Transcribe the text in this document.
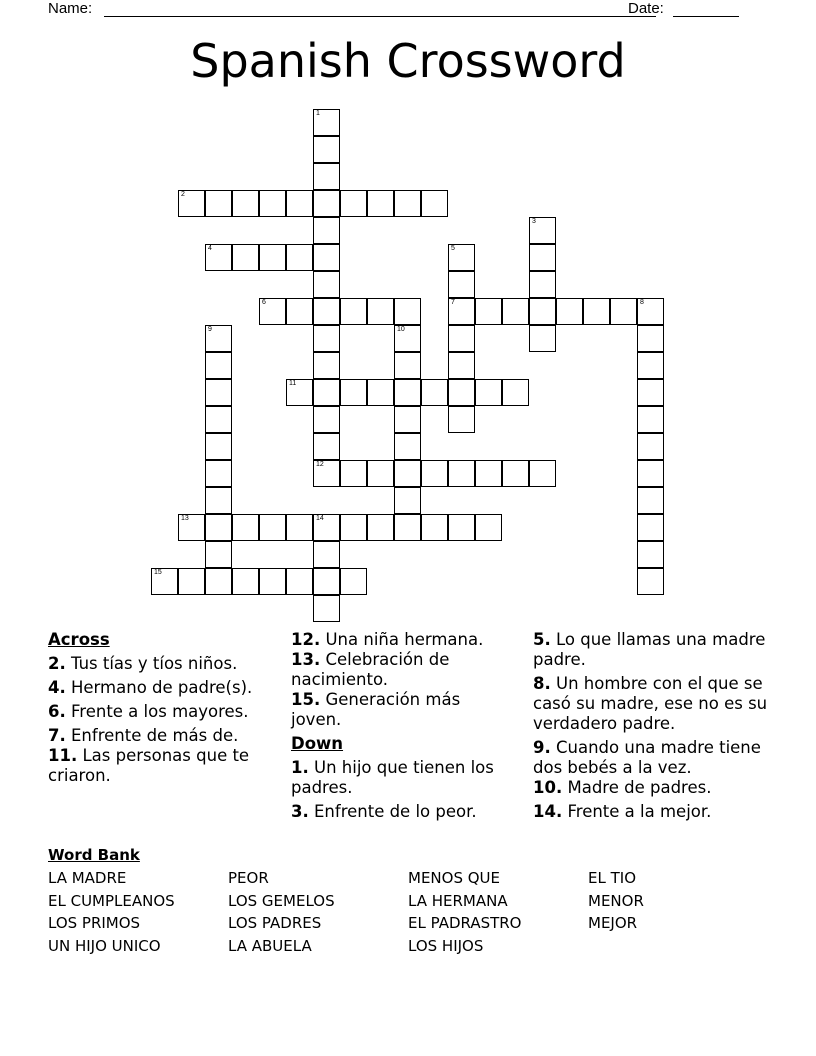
Name:	Date:
Spanish Crossword
1
2
3
4	5
7
6	8
9	10
11
12
13	14
15
Across
2. Tus tías y tíos niños.
4. Hermano de padre(s).
6. Frente a los mayores.
7. Enfrente de más de.
11. Las personas que te criaron.
12. Una niña hermana.
13. Celebración de nacimiento.
15. Generación más joven.
Down
1. Un hijo que tienen los padres.
3. Enfrente de lo peor.
5. Lo que llamas una madre padre.
8. Un hombre con el que se casó su madre, ese no es su verdadero padre.
9. Cuando una madre tiene dos bebés a la vez.
10. Madre de padres.
14. Frente a la mejor.
Word Bank
LA MADRE
EL CUMPLEANOS
LOS PRIMOS
UN HIJO UNICO
PEOR
LOS GEMELOS
LOS PADRES
LA ABUELA
MENOS QUE
LA HERMANA
EL PADRASTRO
LOS HIJOS
EL TIO
MENOR
MEJOR
